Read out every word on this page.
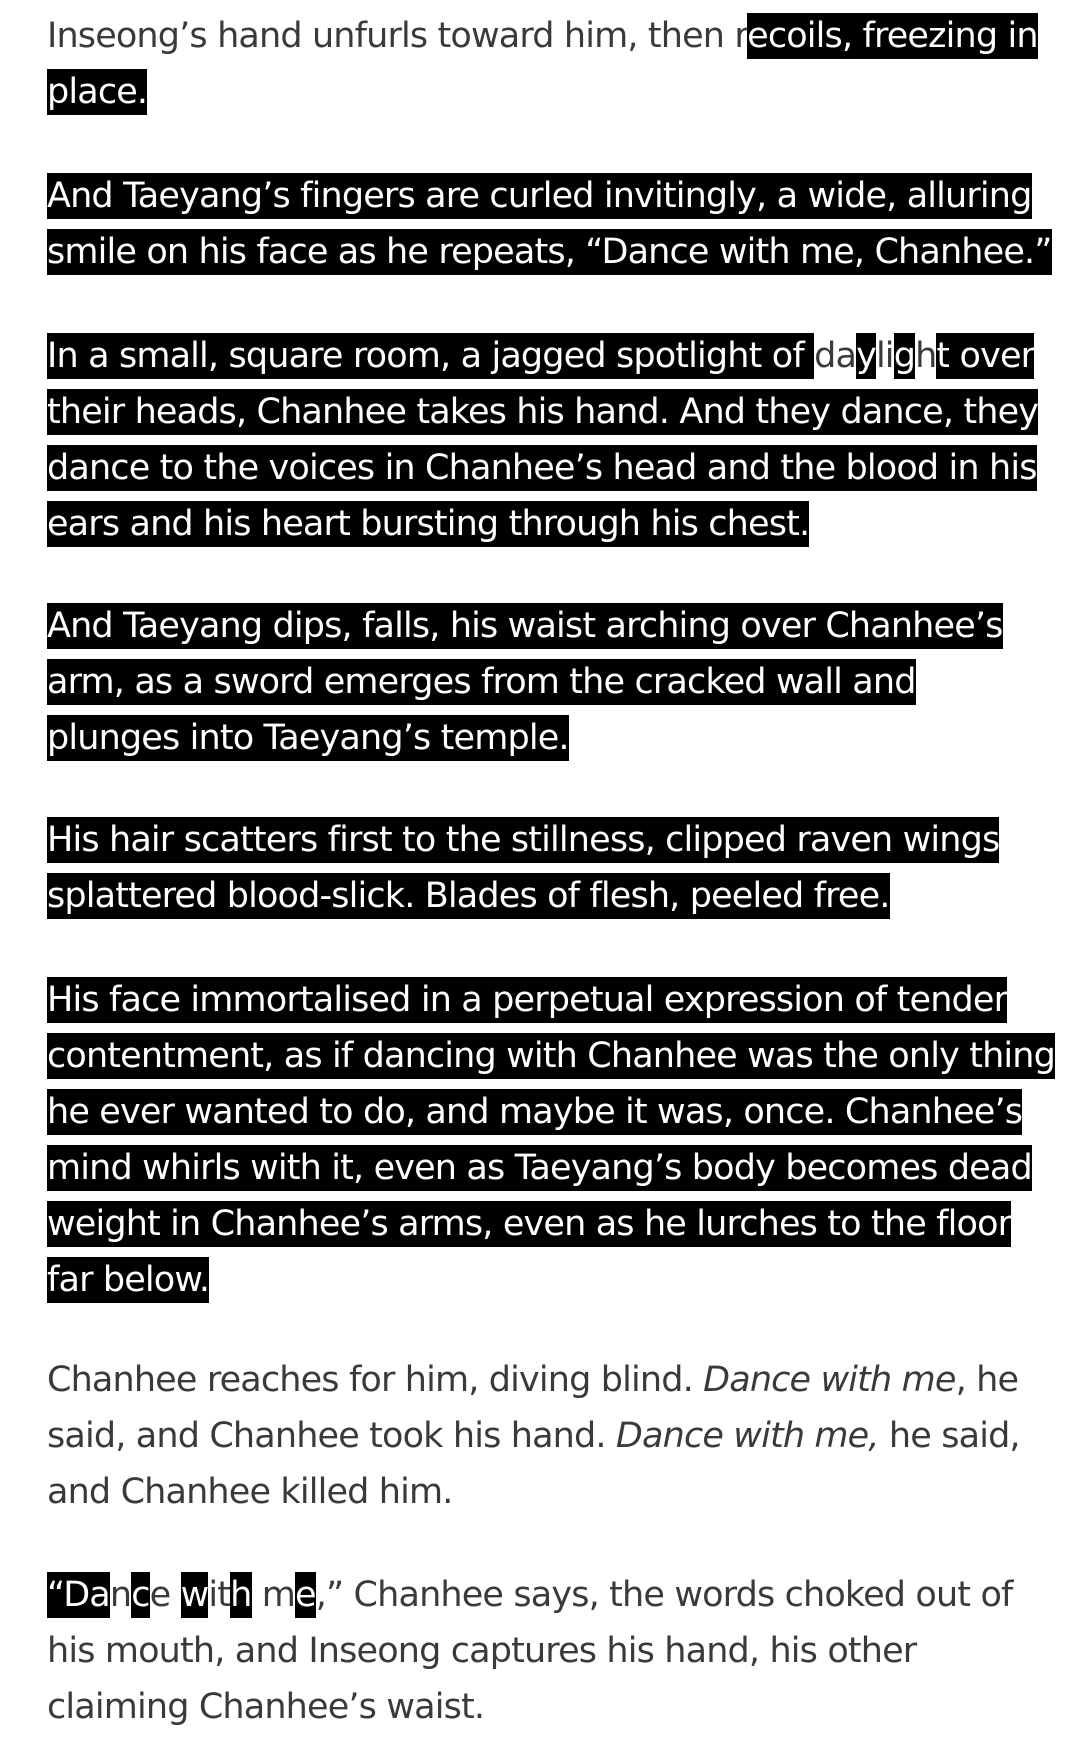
Inseong’s hand unfurls toward him, then recoils, freezing in
place.

And Taeyang’s fingers are curled invitingly, a wide, alluring
smile on his face as he repeats, “Dance with me, Chanhee.”

In a small, square room, a jagged spotlight of daylight over
their heads, Chanhee takes his hand. And they dance, they
dance to the voices in Chanhee’s head and the blood in his
ears and his heart bursting through his chest.

And Taeyang dips, falls, his waist arching over Chanhee’s
arm, as a sword emerges from the cracked wall and
plunges into Taeyang’s temple.

His hair scatters first to the stillness, clipped raven wings
splattered blood-slick. Blades of flesh, peeled free.

His face immortalised in a perpetual expression of tender
contentment, as if dancing with Chanhee was the only thing
he ever wanted to do, and maybe it was, once. Chanhee’s
mind whirls with it, even as Taeyang’s body becomes dead
weight in Chanhee’s arms, even as he lurches to the floor
far below.

Chanhee reaches for him, diving blind. Dance with me, he
said, and Chanhee took his hand. Dance with me, he said,
and Chanhee killed him.

“Dance with me,” Chanhee says, the words choked out of
his mouth, and Inseong captures his hand, his other
claiming Chanhee’s waist.
